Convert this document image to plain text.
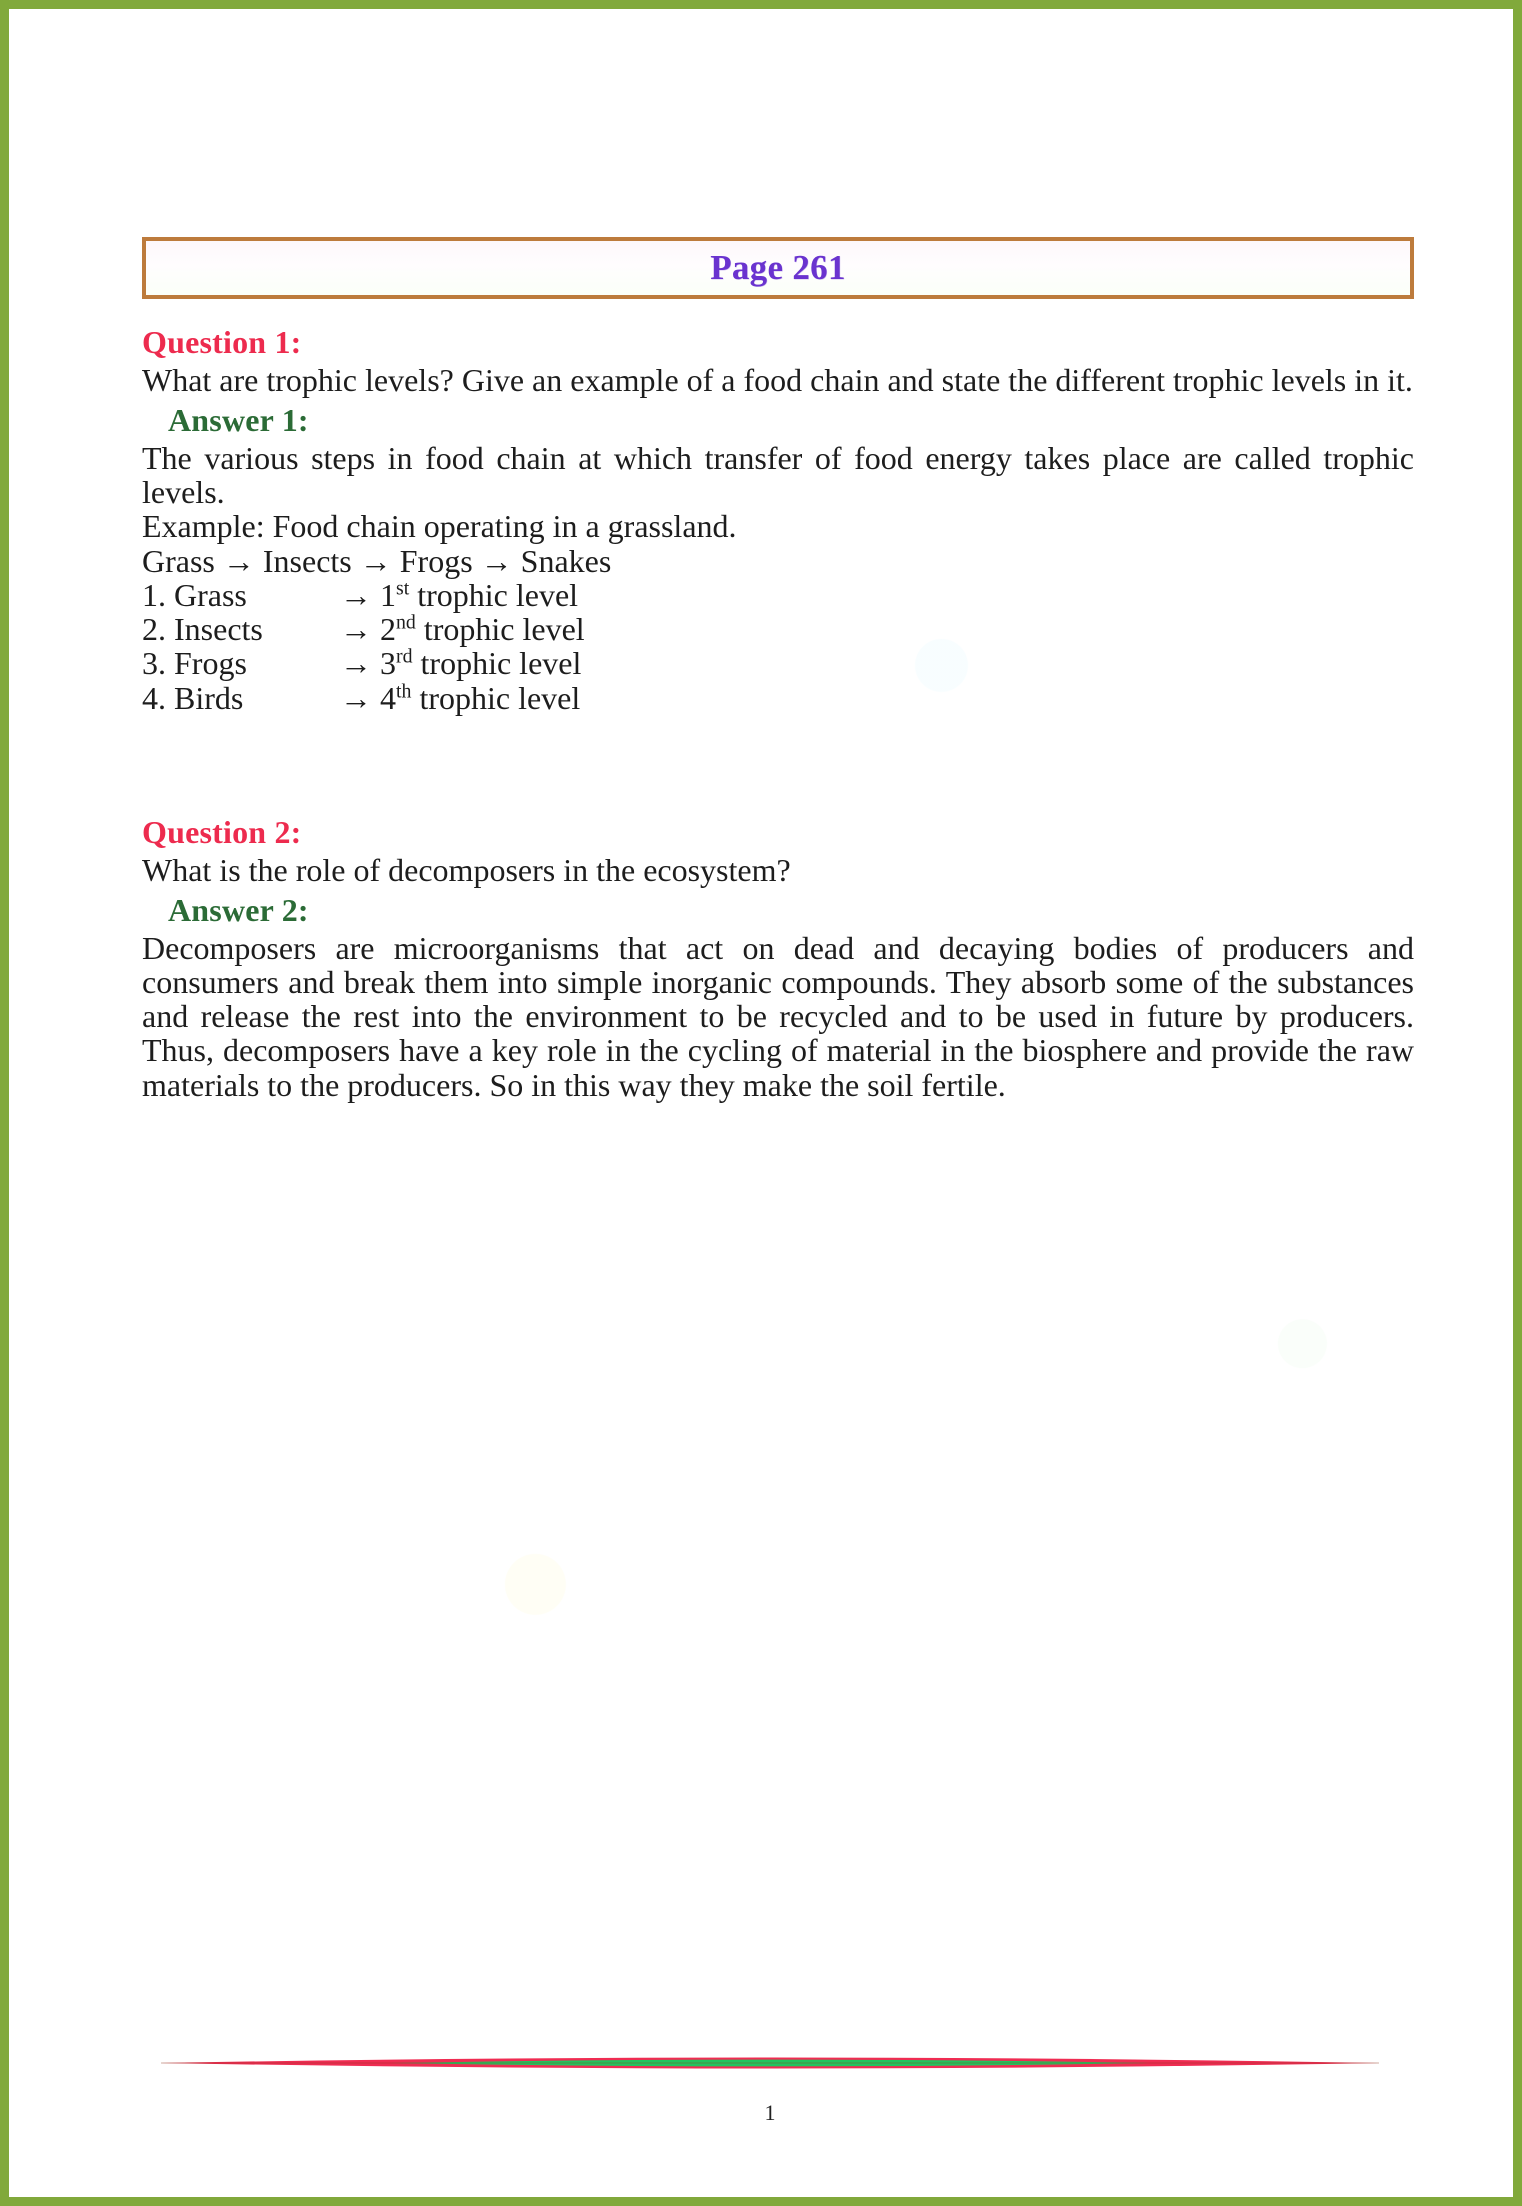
Page 261
Question 1:

What are trophic levels? Give an example of a food chain and state the different trophic levels in it.

Answer 1:

The various steps in food chain at which transfer of food energy takes place are called trophic levels.

Example: Food chain operating in a grassland.

Grass → Insects → Frogs → Snakes

1. Grass	→ 1st trophic level
2. Insects	→ 2nd trophic level
3. Frogs	→ 3rd trophic level
4. Birds	→ 4th trophic level
Question 2:

What is the role of decomposers in the ecosystem?

Answer 2:

Decomposers are microorganisms that act on dead and decaying bodies of producers and consumers and break them into simple inorganic compounds. They absorb some of the substances and release the rest into the environment to be recycled and to be used in future by producers. Thus, decomposers have a key role in the cycling of material in the biosphere and provide the raw materials to the producers. So in this way they make the soil fertile.

1
